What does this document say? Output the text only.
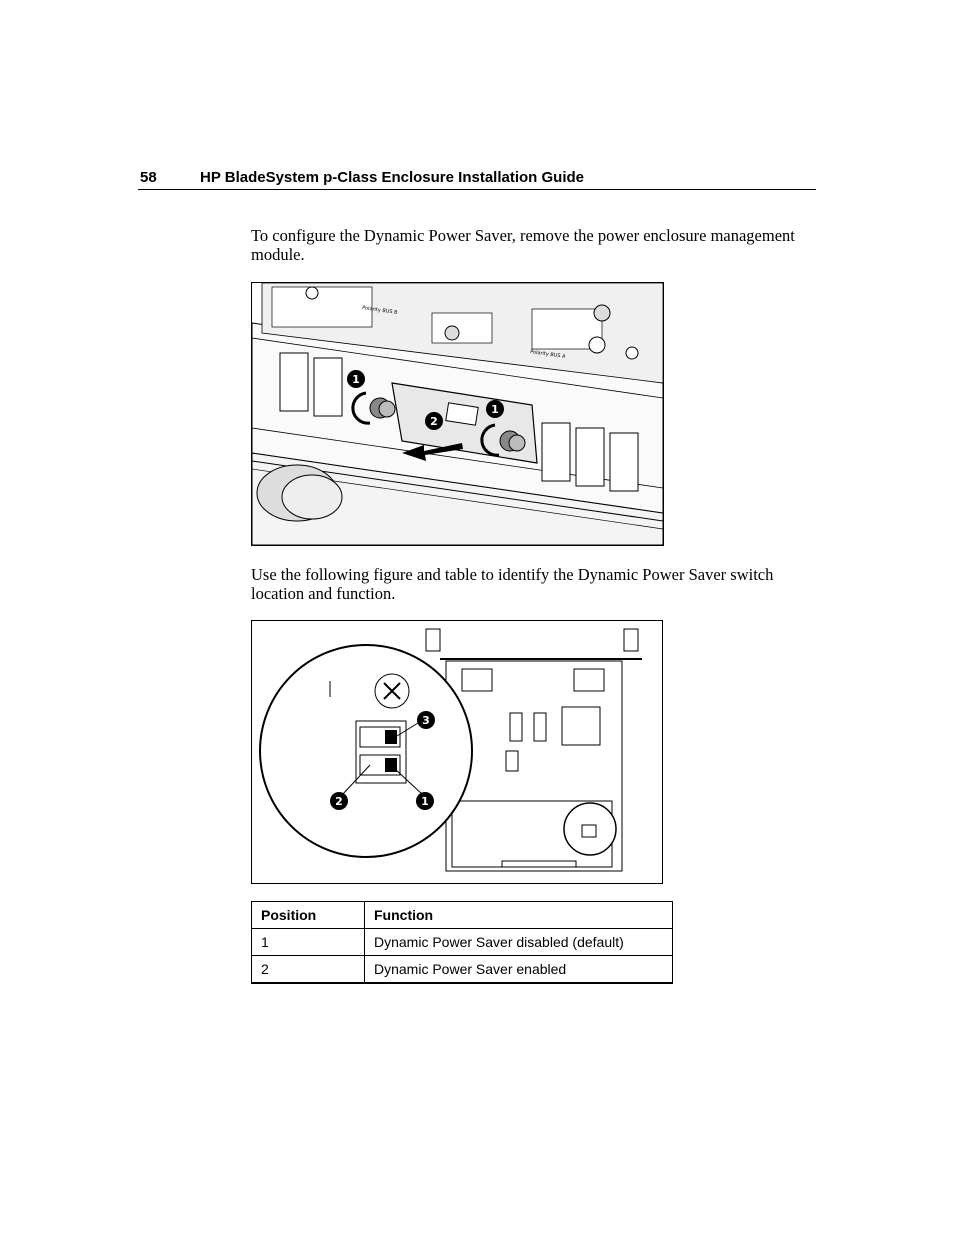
58	HP BladeSystem p-Class Enclosure Installation Guide

To configure the Dynamic Power Saver, remove the power enclosure management module.

Polarity BUS B
Polarity BUS A
1
2
1

Use the following figure and table to identify the Dynamic Power Saver switch location and function.

3
2	1
Position	Function
1	Dynamic Power Saver disabled (default)
2	Dynamic Power Saver enabled
